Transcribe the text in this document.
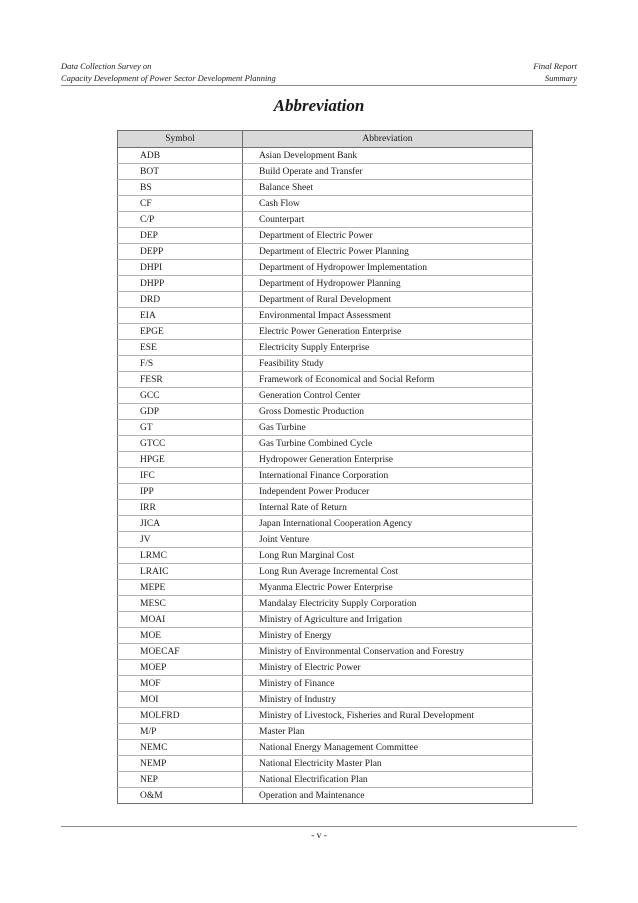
Data Collection Survey on
Capacity Development of Power Sector Development Planning
Final Report
Summary
Abbreviation
Symbol	Abbreviation
ADB	Asian Development Bank
BOT	Build Operate and Transfer
BS	Balance Sheet
CF	Cash Flow
C/P	Counterpart
DEP	Department of Electric Power
DEPP	Department of Electric Power Planning
DHPI	Department of Hydropower Implementation
DHPP	Department of Hydropower Planning
DRD	Department of Rural Development
EIA	Environmental Impact Assessment
EPGE	Electric Power Generation Enterprise
ESE	Electricity Supply Enterprise
F/S	Feasibility Study
FESR	Framework of Economical and Social Reform
GCC	Generation Control Center
GDP	Gross Domestic Production
GT	Gas Turbine
GTCC	Gas Turbine Combined Cycle
HPGE	Hydropower Generation Enterprise
IFC	International Finance Corporation
IPP	Independent Power Producer
IRR	Internal Rate of Return
JICA	Japan International Cooperation Agency
JV	Joint Venture
LRMC	Long Run Marginal Cost
LRAIC	Long Run Average Incremental Cost
MEPE	Myanma Electric Power Enterprise
MESC	Mandalay Electricity Supply Corporation
MOAI	Ministry of Agriculture and Irrigation
MOE	Ministry of Energy
MOECAF	Ministry of Environmental Conservation and Forestry
MOEP	Ministry of Electric Power
MOF	Ministry of Finance
MOI	Ministry of Industry
MOLFRD	Ministry of Livestock, Fisheries and Rural Development
M/P	Master Plan
NEMC	National Energy Management Committee
NEMP	National Electricity Master Plan
NEP	National Electrification Plan
O&M	Operation and Maintenance
- v -
